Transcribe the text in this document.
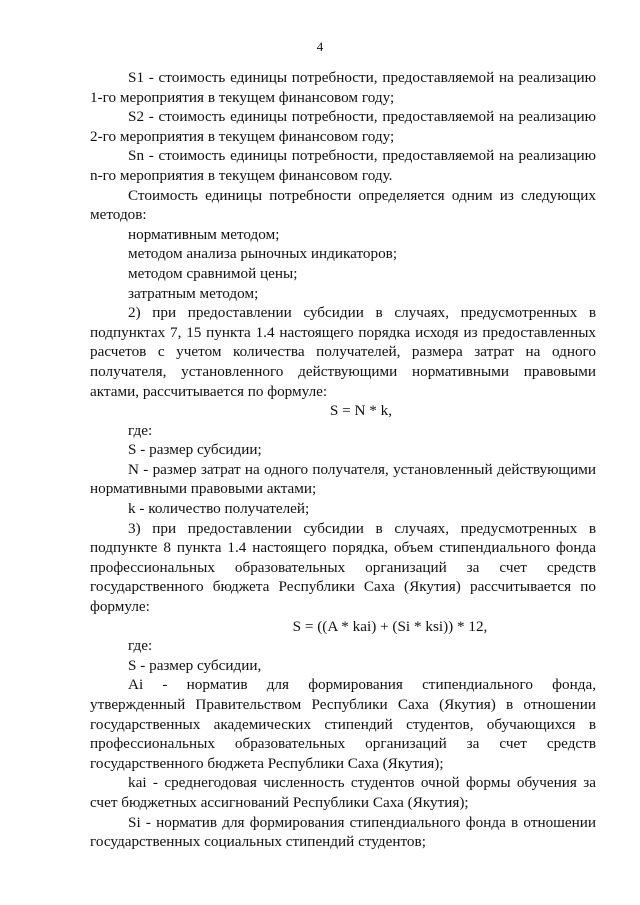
4

S1 - стоимость единицы потребности, предоставляемой на реализацию 1-го мероприятия в текущем финансовом году;

S2 - стоимость единицы потребности, предоставляемой на реализацию 2-го мероприятия в текущем финансовом году;

Sn - стоимость единицы потребности, предоставляемой на реализацию n-го мероприятия в текущем финансовом году.

Стоимость единицы потребности определяется одним из следующих методов:

нормативным методом;

методом анализа рыночных индикаторов;

методом сравнимой цены;

затратным методом;

2) при предоставлении субсидии в случаях, предусмотренных в подпунктах 7, 15 пункта 1.4 настоящего порядка исходя из предоставленных расчетов с учетом количества получателей, размера затрат на одного получателя, установленного действующими нормативными правовыми актами, рассчитывается по формуле:

S = N * k,

где:

S - размер субсидии;

N - размер затрат на одного получателя, установленный действующими нормативными правовыми актами;

k - количество получателей;

3) при предоставлении субсидии в случаях, предусмотренных в подпункте 8 пункта 1.4 настоящего порядка, объем стипендиального фонда профессиональных образовательных организаций за счет средств государственного бюджета Республики Саха (Якутия) рассчитывается по формуле:

S = ((A * kai) + (Si * ksi)) * 12,

где:

S - размер субсидии,

Ai - норматив для формирования стипендиального фонда, утвержденный Правительством Республики Саха (Якутия) в отношении государственных академических стипендий студентов, обучающихся в профессиональных образовательных организаций за счет средств государственного бюджета Республики Саха (Якутия);

kai - среднегодовая численность студентов очной формы обучения за счет бюджетных ассигнований Республики Саха (Якутия);

Si - норматив для формирования стипендиального фонда в отношении государственных социальных стипендий студентов;
